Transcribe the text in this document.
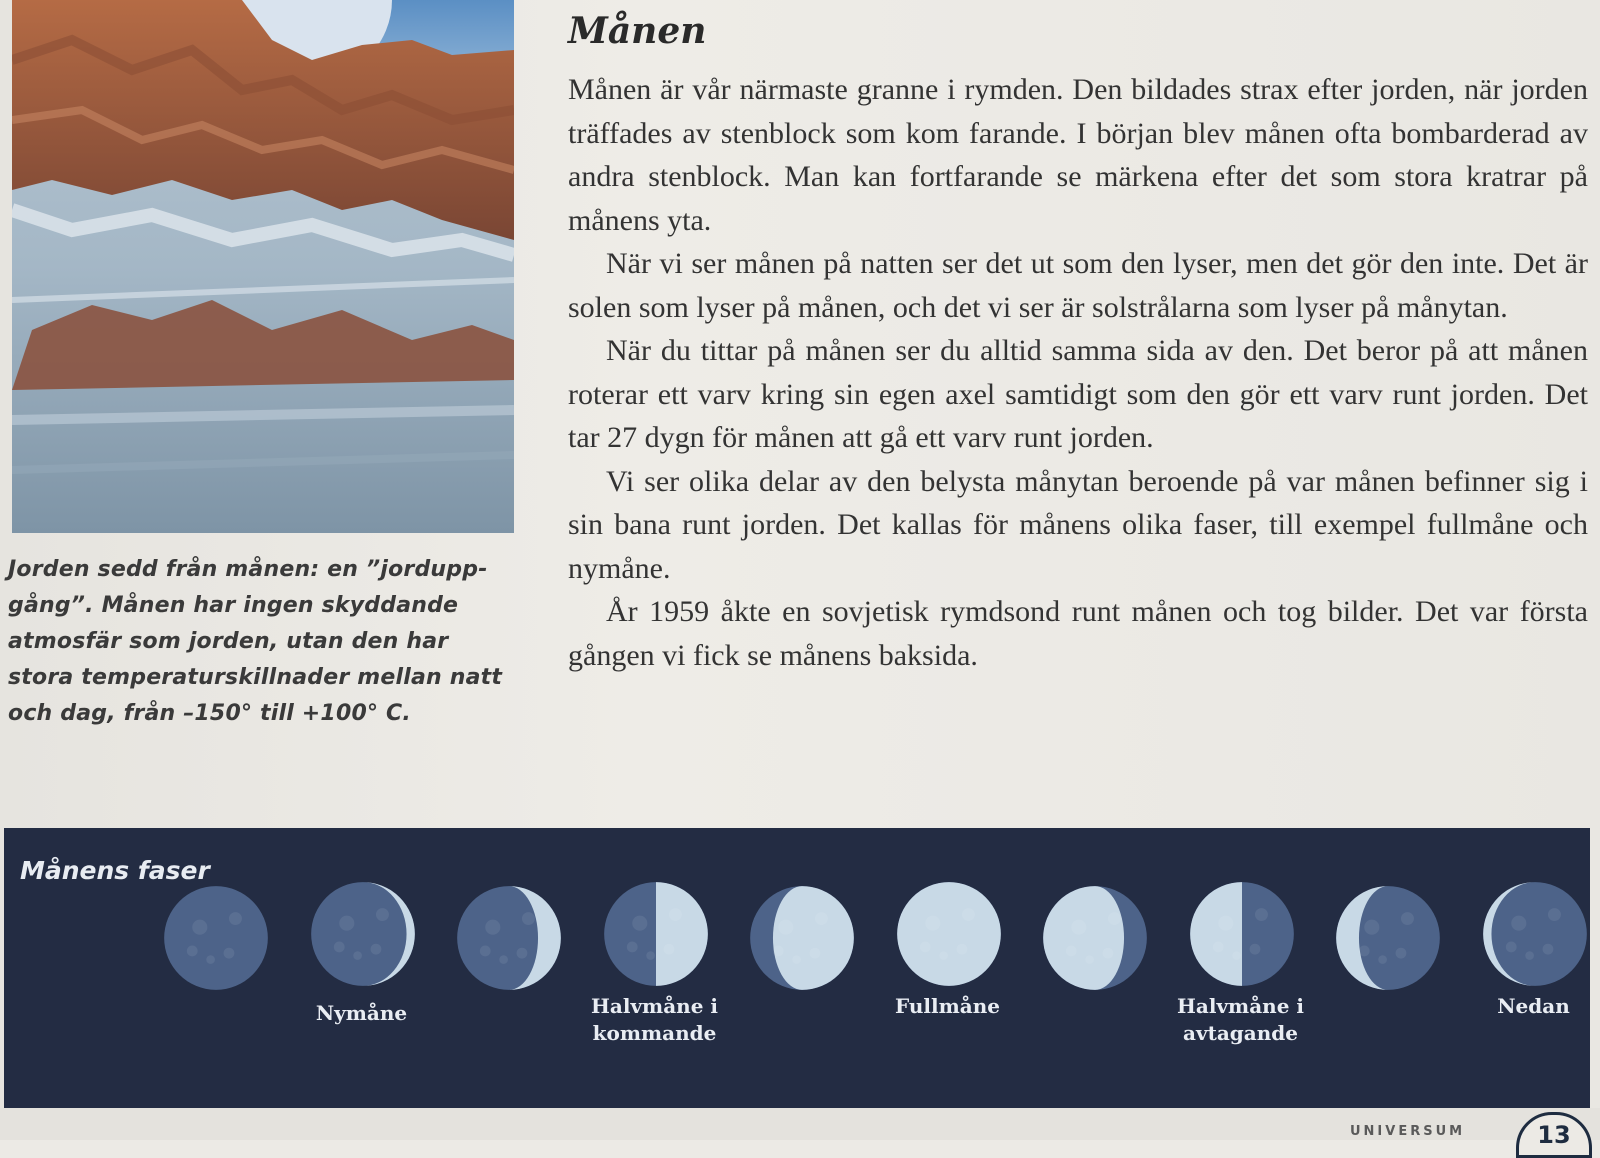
Jorden sedd från månen: en ”jordupp-gång”. Månen har ingen skyddande atmosfär som jorden, utan den har stora temperaturskillnader mellan natt och dag, från –150° till +100° C.
Månen

Månen är vår närmaste granne i rymden. Den bildades strax efter jorden, när jorden träffades av stenblock som kom farande. I början blev månen ofta bombarderad av andra stenblock. Man kan fortfarande se märkena efter det som stora kratrar på månens yta.

När vi ser månen på natten ser det ut som den lyser, men det gör den inte. Det är solen som lyser på månen, och det vi ser är solstrålarna som lyser på månytan.

När du tittar på månen ser du alltid samma sida av den. Det beror på att månen roterar ett varv kring sin egen axel samtidigt som den gör ett varv runt jorden. Det tar 27 dygn för månen att gå ett varv runt jorden.

Vi ser olika delar av den belysta månytan beroende på var månen befinner sig i sin bana runt jorden. Det kallas för månens olika faser, till exempel fullmåne och nymåne.

År 1959 åkte en sovjetisk rymdsond runt månen och tog bilder. Det var första gången vi fick se månens baksida.

Månens faser
Nymåne	Halvmåne i kommande
Fullmåne	Halvmåne i avtagande
Nedan
UNIVERSUM	13
